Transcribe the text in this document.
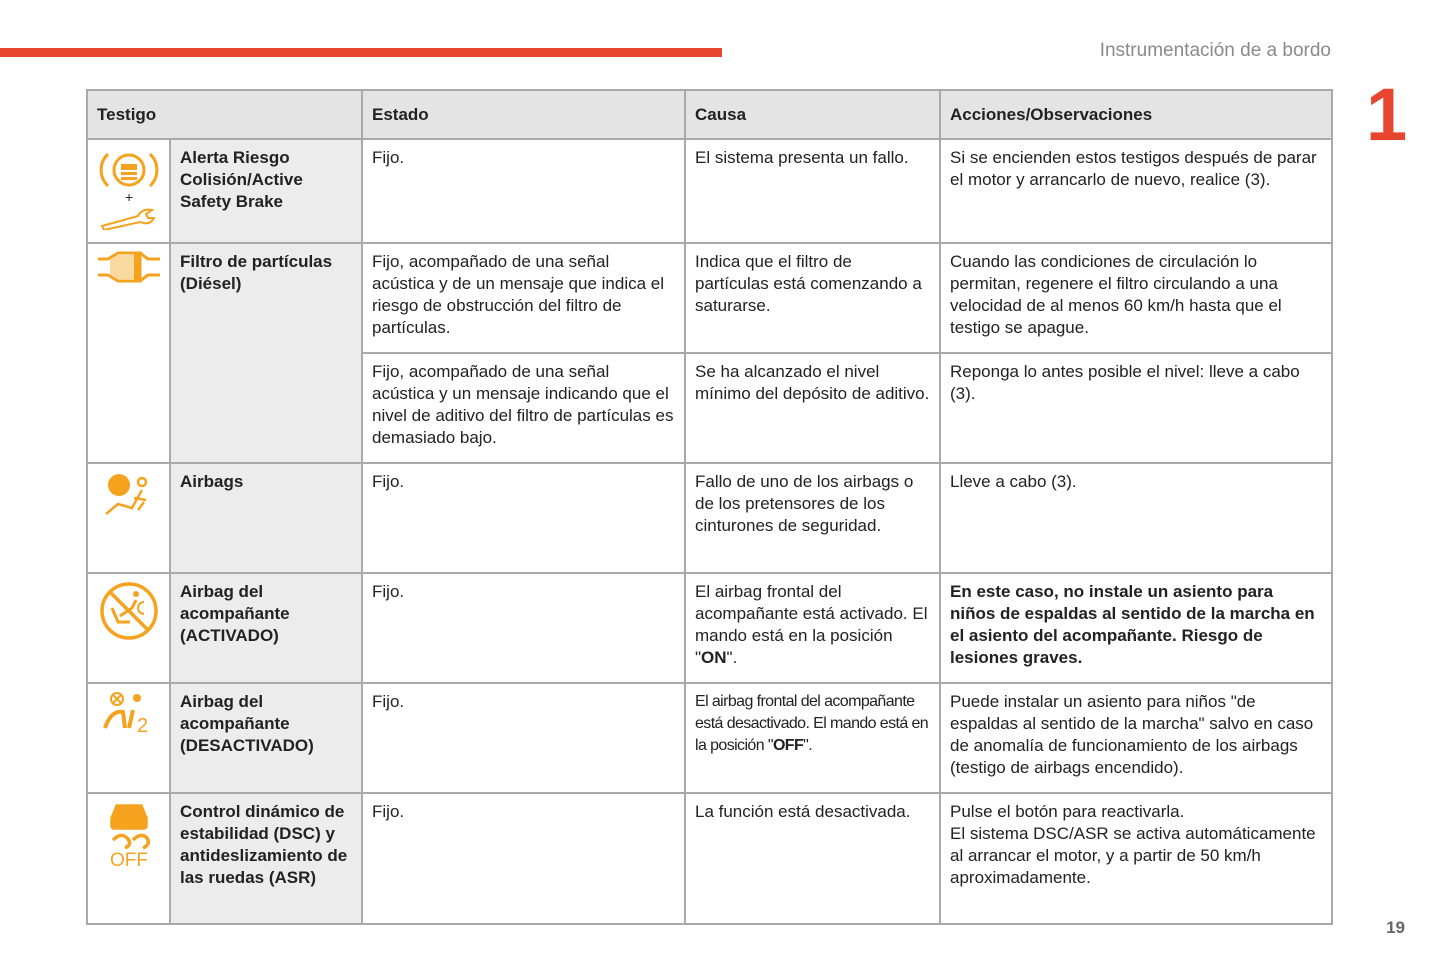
Instrumentación de a bordo
1
19
Testigo		Estado	Causa	Acciones/Observaciones

+	Alerta Riesgo Colisión/Active Safety Brake	Fijo.	El sistema presenta un fallo.	Si se encienden estos testigos después de parar el motor y arrancarlo de nuevo, realice (3).
	Filtro de partículas (Diésel)	Fijo, acompañado de una señal acústica y de un mensaje que indica el riesgo de obstrucción del filtro de partículas.	Indica que el filtro de partículas está comenzando a saturarse.	Cuando las condiciones de circulación lo permitan, regenere el filtro circulando a una velocidad de al menos 60 km/h hasta que el testigo se apague.
		Fijo, acompañado de una señal acústica y un mensaje indicando que el nivel de aditivo del filtro de partículas es demasiado bajo.	Se ha alcanzado el nivel mínimo del depósito de aditivo.	Reponga lo antes posible el nivel: lleve a cabo (3).
	Airbags	Fijo.	Fallo de uno de los airbags o de los pretensores de los cinturones de seguridad.	Lleve a cabo (3).
	Airbag del acompañante (ACTIVADO)	Fijo.	El airbag frontal del acompañante está activado. El mando está en la posición "ON".	En este caso, no instale un asiento para niños de espaldas al sentido de la marcha en el asiento del acompañante. Riesgo de lesiones graves.

2	Airbag del acompañante (DESACTIVADO)	Fijo.	El airbag frontal del acompañante está desactivado. El mando está en la posición "OFF".	Puede instalar un asiento para niños "de espaldas al sentido de la marcha" salvo en caso de anomalía de funcionamiento de los airbags (testigo de airbags encendido).

OFF	Control dinámico de estabilidad (DSC) y antideslizamiento de las ruedas (ASR)	Fijo.	La función está desactivada.	Pulse el botón para reactivarla.
El sistema DSC/ASR se activa automáticamente al arrancar el motor, y a partir de 50 km/h aproximadamente.
